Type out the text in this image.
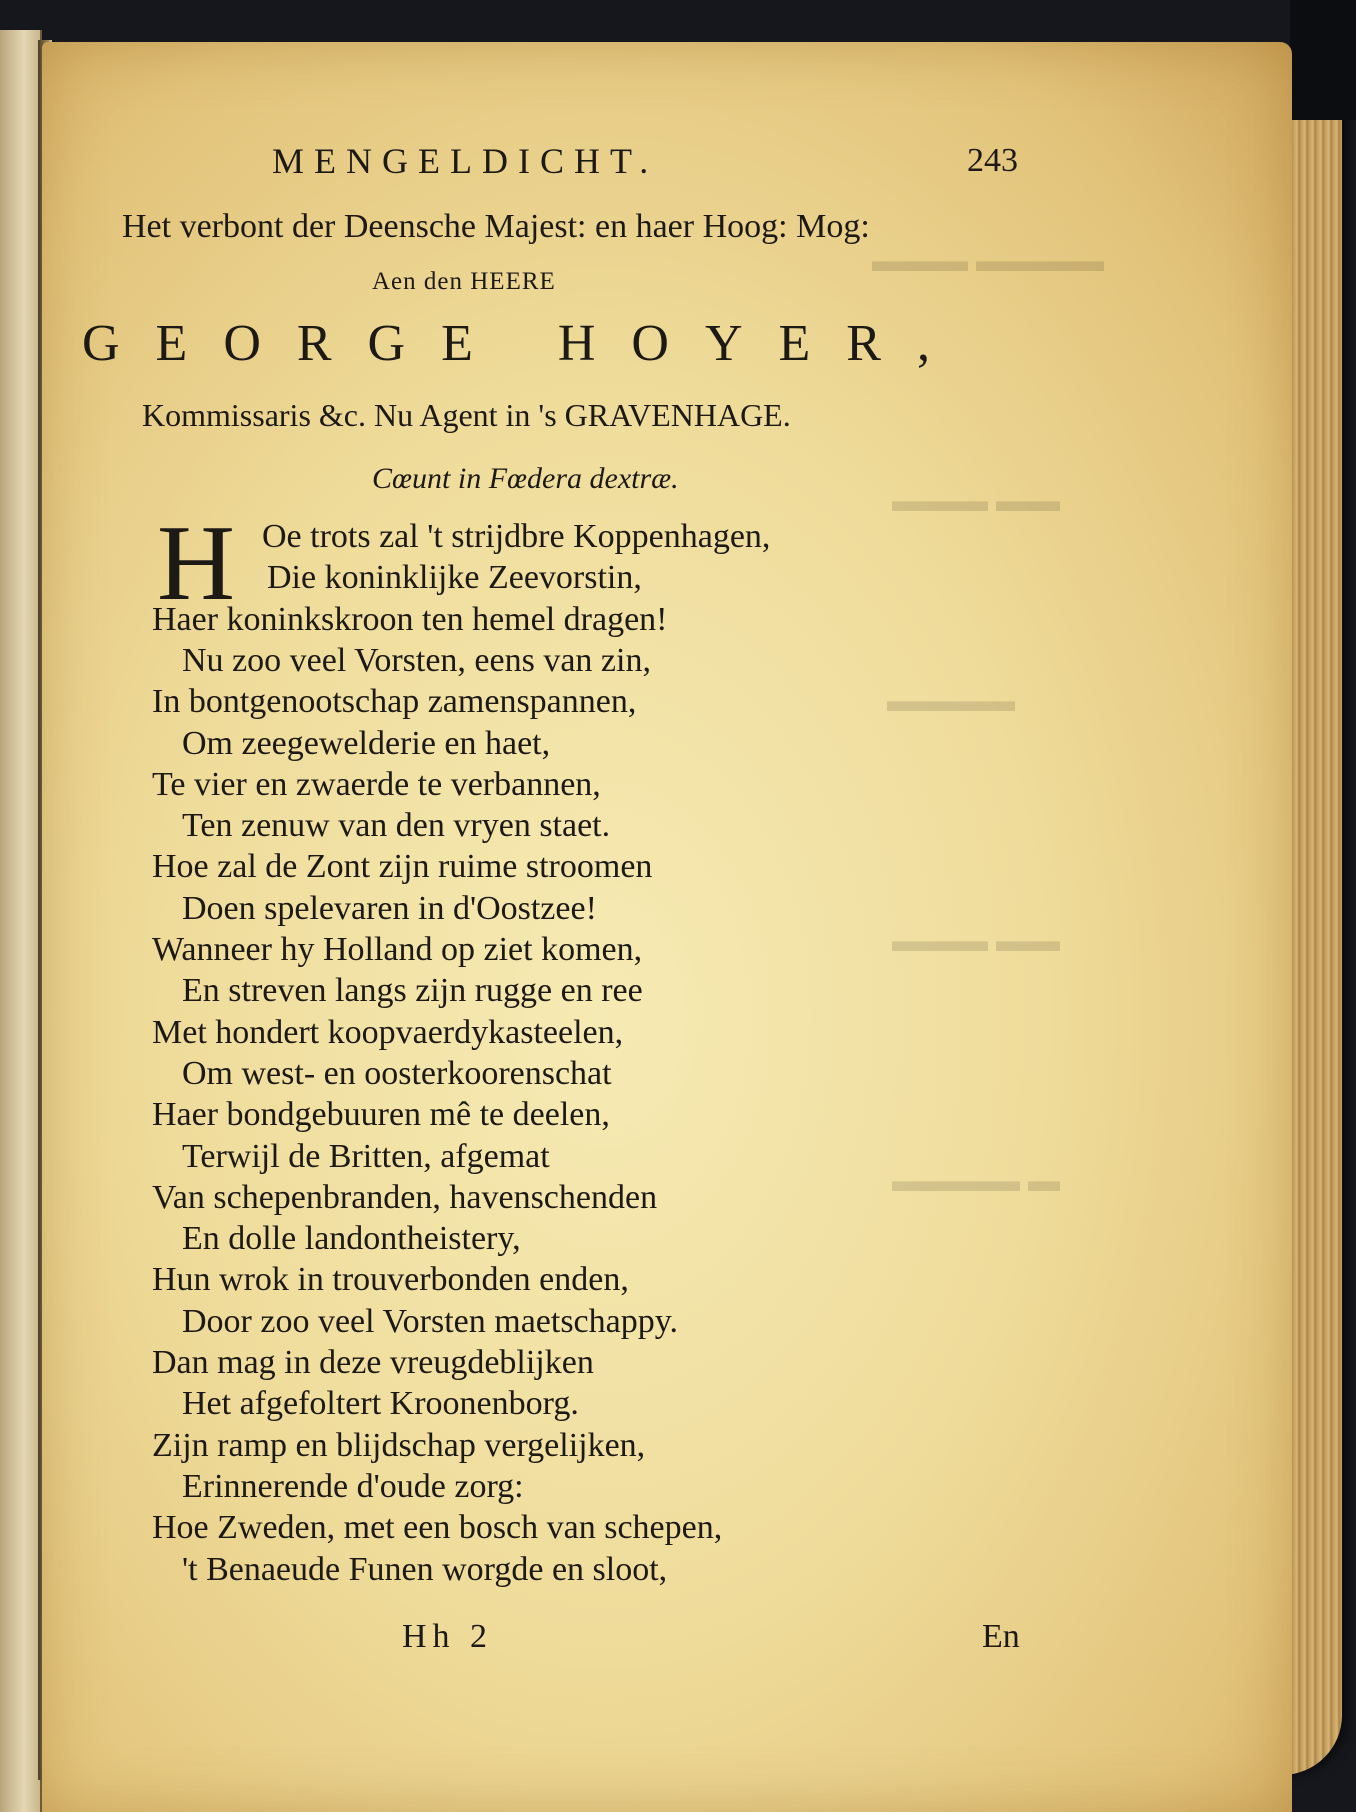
▬▬▬ ▬▬▬▬
▬▬▬ ▬▬
▬▬▬▬
▬▬▬ ▬▬
▬▬▬▬ ▬
MENGELDICHT.	243
Het verbont der Deensche Majest: en haer Hoog: Mog:
Aen den HEERE
GEORGE HOYER,
Kommissaris &c. Nu Agent in 's GRAVENHAGE.
Cœunt in Fœdera dextræ.
H Oe trots zal 't strijdbre Koppenhagen,
Die koninklijke Zeevorstin,
Haer koninkskroon ten hemel dragen!
Nu zoo veel Vorsten, eens van zin,
In bontgenootschap zamenspannen,
Om zeegewelderie en haet,
Te vier en zwaerde te verbannen,
Ten zenuw van den vryen staet.
Hoe zal de Zont zijn ruime stroomen
Doen spelevaren in d'Oostzee!
Wanneer hy Holland op ziet komen,
En streven langs zijn rugge en ree
Met hondert koopvaerdykasteelen,
Om west- en oosterkoorenschat
Haer bondgebuuren mê te deelen,
Terwijl de Britten, afgemat
Van schepenbranden, havenschenden
En dolle landontheistery,
Hun wrok in trouverbonden enden,
Door zoo veel Vorsten maetschappy.
Dan mag in deze vreugdeblijken
Het afgefoltert Kroonenborg.
Zijn ramp en blijdschap vergelijken,
Erinnerende d'oude zorg:
Hoe Zweden, met een bosch van schepen,
't Benaeude Funen worgde en sloot,
Hh 2	En
